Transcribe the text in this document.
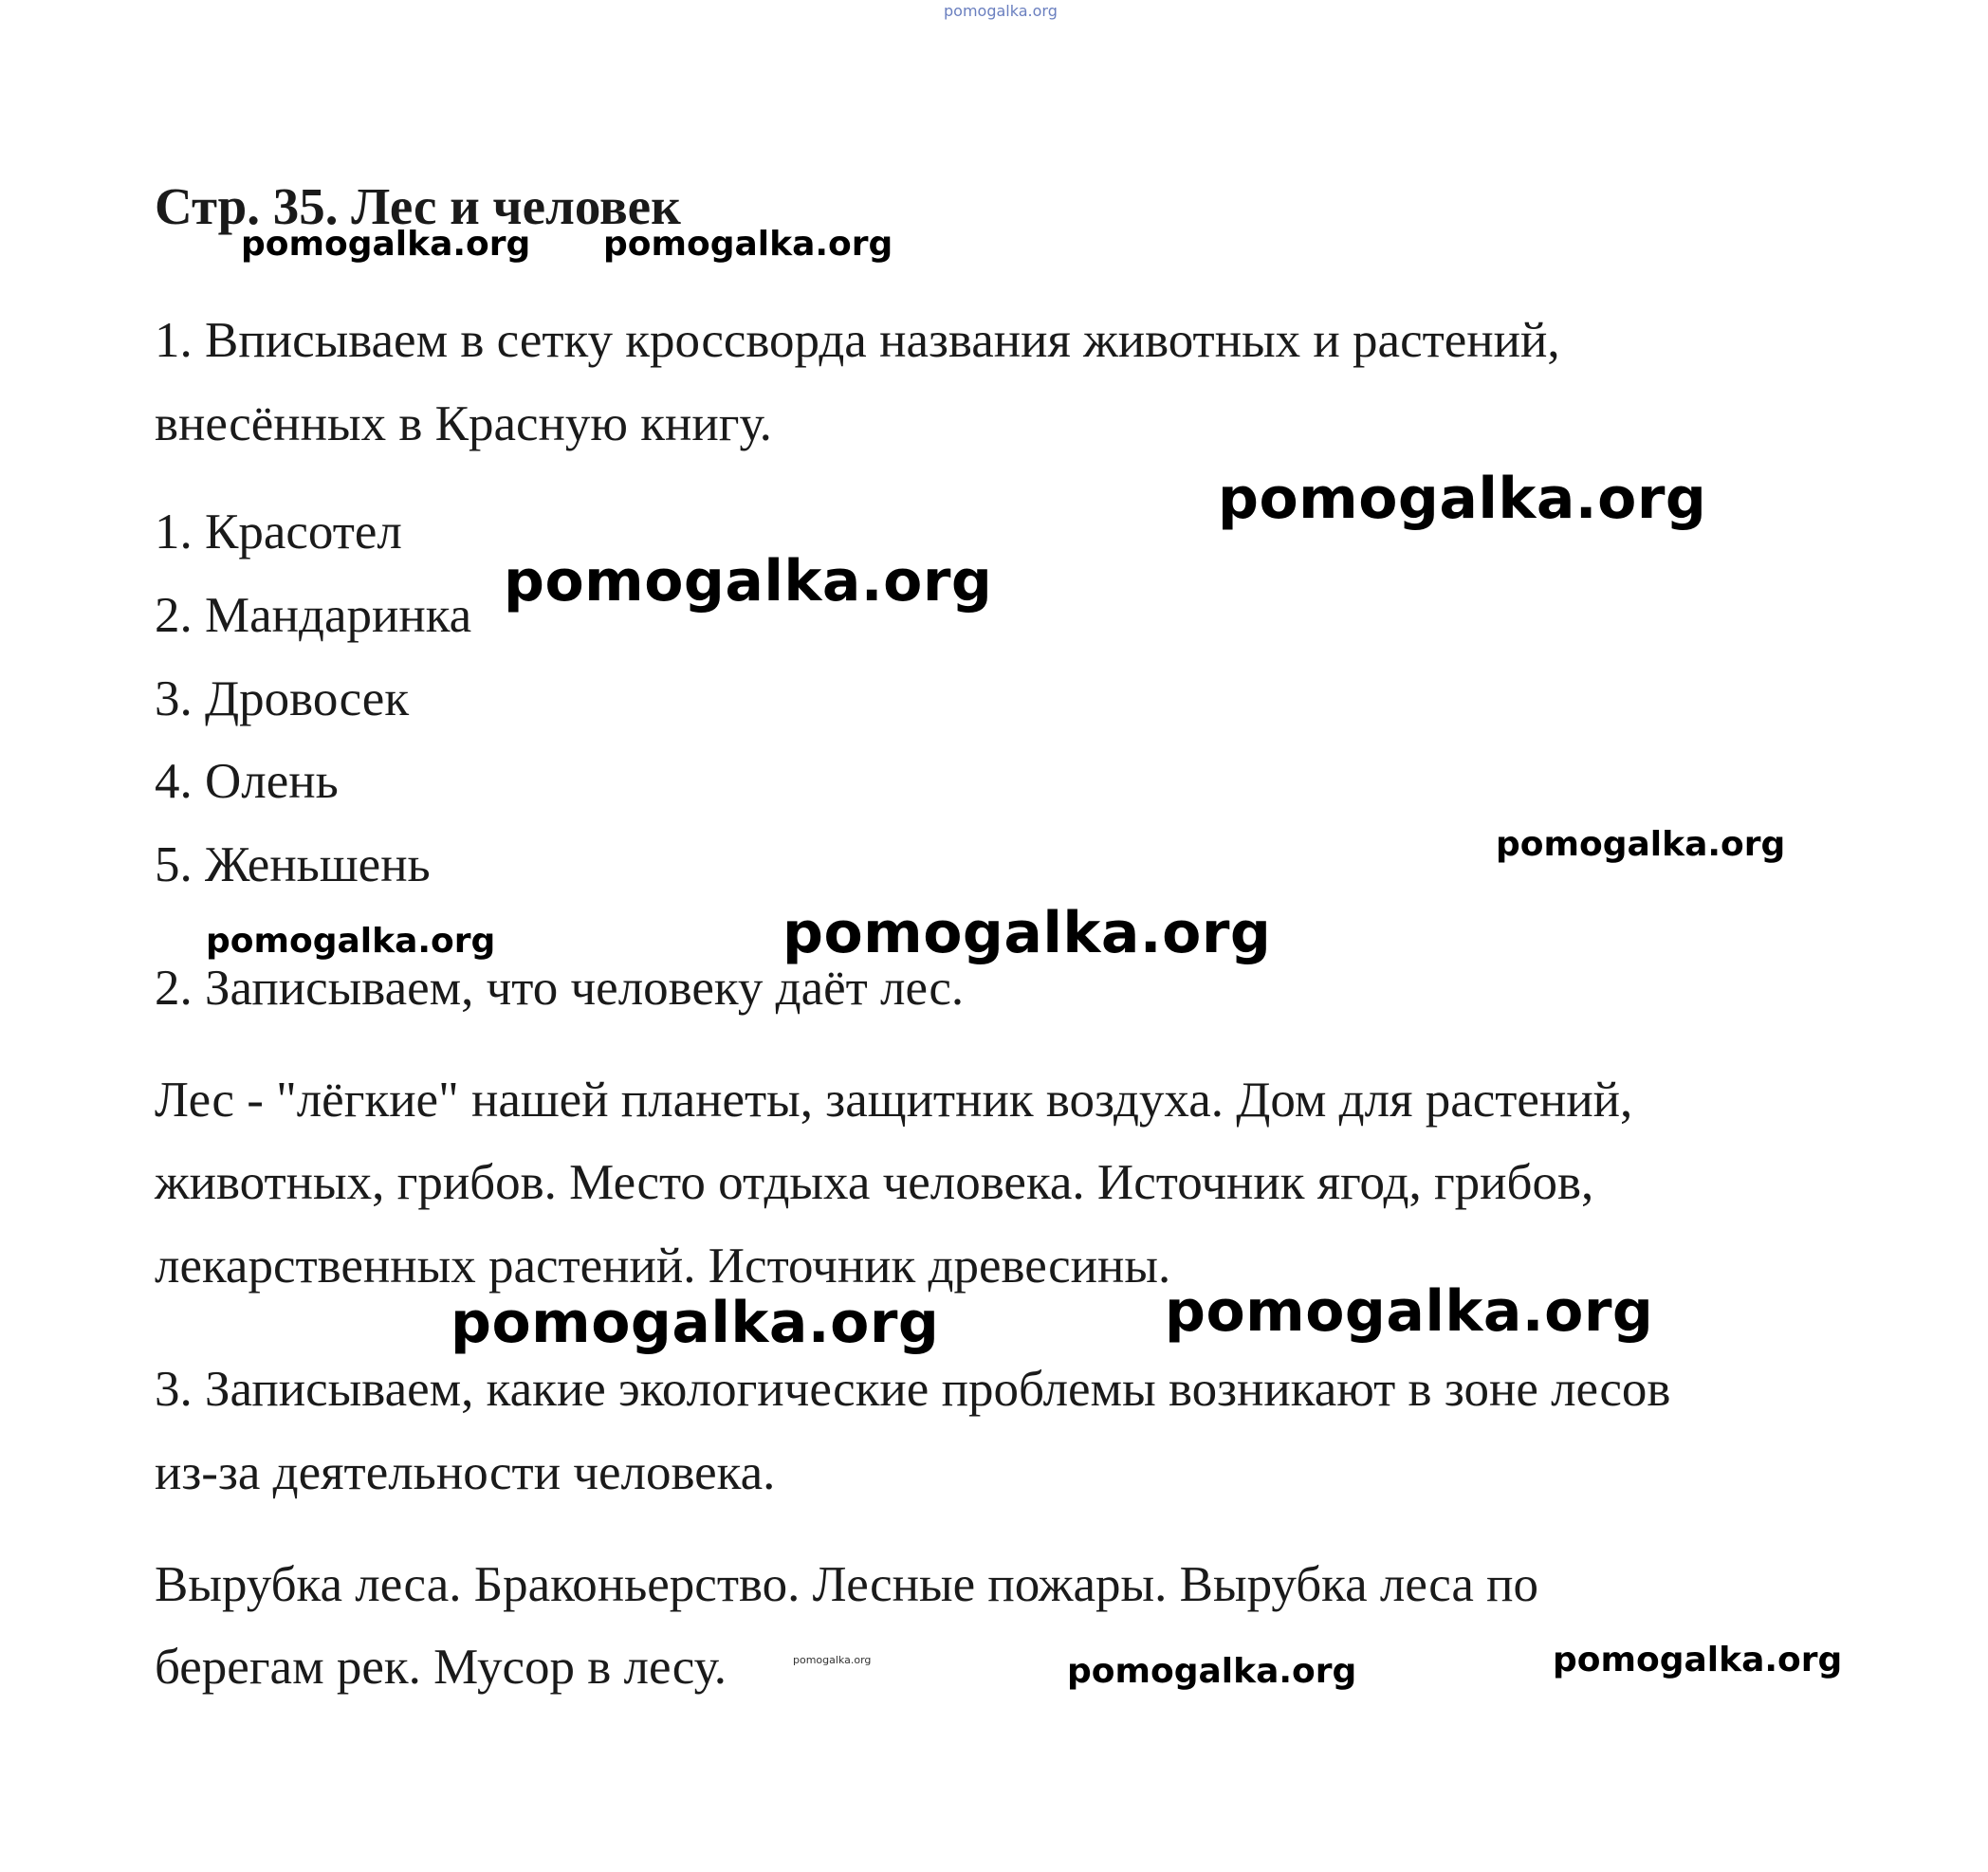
pomogalka.org
Стр. 35. Лес и человек
pomogalka.org pomogalka.org
1. Вписываем в сетку кроссворда названия животных и растений,
внесённых в Красную книгу.
pomogalka.org
1. Красотел
2. Мандаринка
pomogalka.org
3. Дровосек
4. Олень
5. Женьшень	pomogalka.org
pomogalka.org	pomogalka.org
2. Записываем, что человеку даёт лес.
Лес - "лёгкие" нашей планеты, защитник воздуха. Дом для растений,
животных, грибов. Место отдыха человека. Источник ягод, грибов,
лекарственных растений. Источник древесины.
pomogalka.org	pomogalka.org
3. Записываем, какие экологические проблемы возникают в зоне лесов
из-за деятельности человека.
Вырубка леса. Браконьерство. Лесные пожары. Вырубка леса по
берегам рек. Мусор в лесу.	pomogalka.org	pomogalka.org	pomogalka.org
